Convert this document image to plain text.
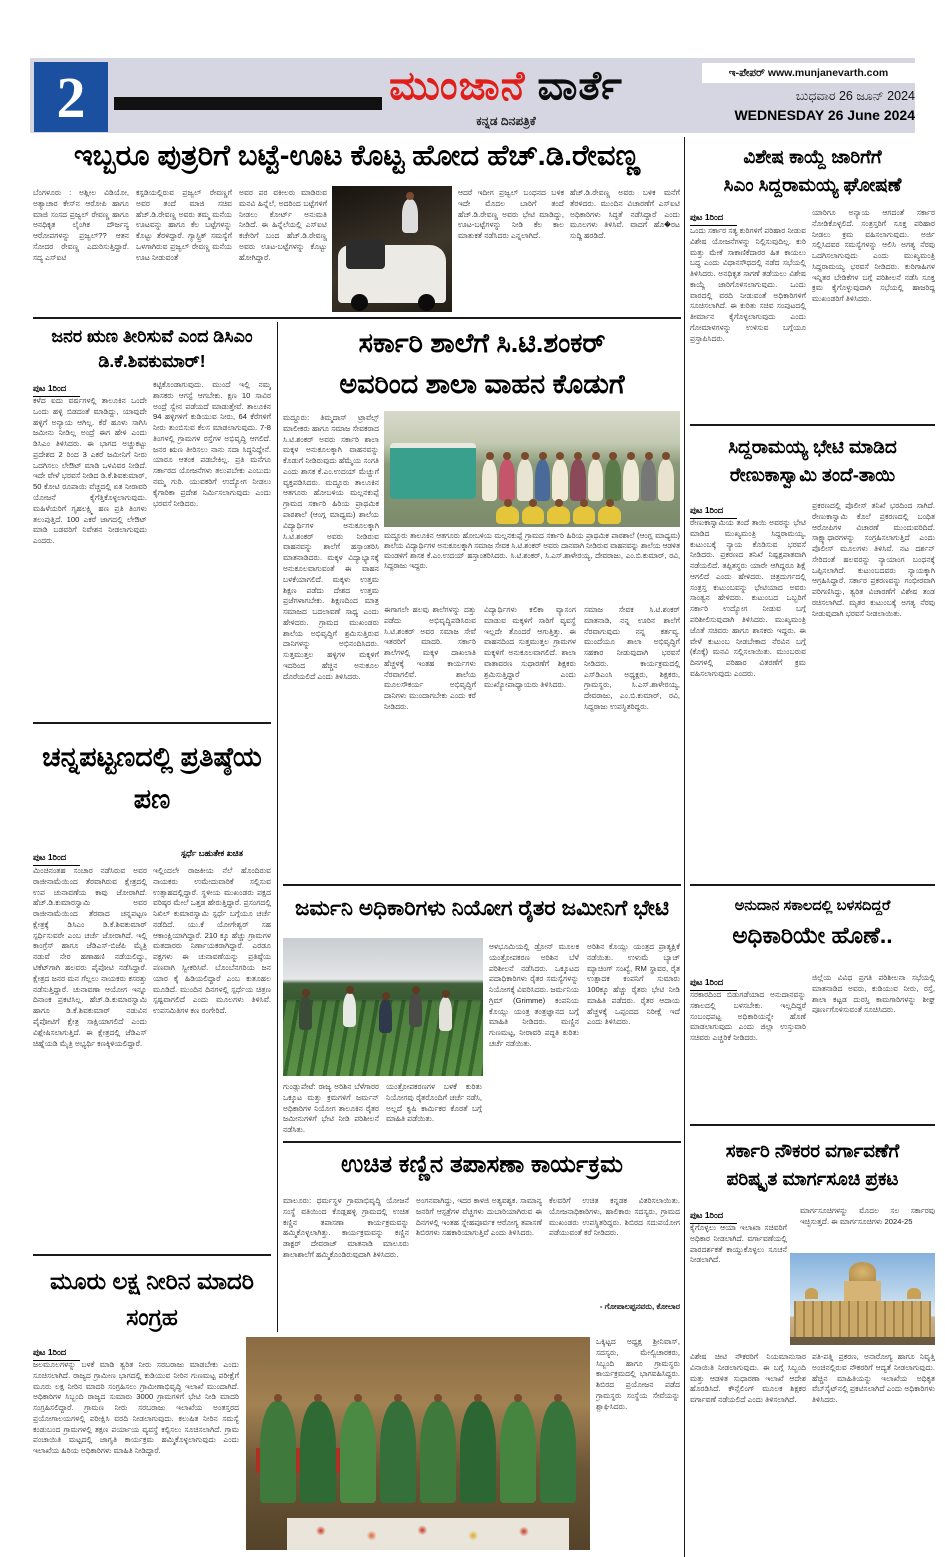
2	ಮುಂಜಾನೆ ವಾರ್ತೆ
ಕನ್ನಡ ದಿನಪತ್ರಿಕೆ
ಇ-ಪೇಪರ್ www.munjanevarth.com
ಬುಧವಾರ 26 ಜೂನ್ 2024
WEDNESDAY 26 June 2024
ಇಬ್ಬರೂ ಪುತ್ರರಿಗೆ ಬಟ್ಟೆ-ಊಟ ಕೊಟ್ಟ ಹೋದ ಹೆಚ್.ಡಿ.ರೇವಣ್ಣ
ಬೆಂಗಳೂರು : ಅಶ್ಲೀಲ ವಿಡಿಯೋ, ಅತ್ಯಾಚಾರ ಕೇಸ್‌ನ ಆರೋಪಿ ಹಾಗೂ ಮಾಜಿ ಸಂಸದ ಪ್ರಜ್ವಲ್ ರೇವಣ್ಣ ಹಾಗೂ ಅನಧಿಕೃತ ಲೈಂಗಿಕ ದೌರ್ಜನ್ಯ ಆರೋಪಗಳನ್ನು ಪ್ರಜ್ವಲ್?? ಆತನ ಸೋದರ ರೇವಣ್ಣ ಎದುರಿಸುತ್ತಿದ್ದಾರೆ. ಸದ್ಯ ಎಸ್‌ಐಟಿ
ಕಸ್ಟಡಿಯಲ್ಲಿರುವ ಪ್ರಜ್ವಲ್ ರೇವಣ್ಣಗೆ ಅವರ ತಂದೆ ಮಾಜಿ ಸಚಿವ ಹೆಚ್.ಡಿ.ರೇವಣ್ಣ ಅವರು ತಮ್ಮ ಮನೆಯ ಊಟವನ್ನು ಹಾಗೂ ಕೆಲ ಬಟ್ಟೆಗಳನ್ನು ಕೊಟ್ಟು ತೆರಳಿದ್ದಾರೆ. ಗ್ಯಾಸ್ಟ್ರಿಕ್ ಸಮಸ್ಯೆಗೆ ಒಳಗಾಗಿರುವ ಪ್ರಜ್ವಲ್ ರೇವಣ್ಣ ಮನೆಯ ಊಟ ನೀಡುವಂತೆ
ಅವರ ಪರ ವಕೀಲರು ಮಾಡಿರುವ ಮನವಿ ಹಿನ್ನೆಲೆ, ಅದರಿಂದ ಬಟ್ಟೆಗಳಿಗೆ ನೀಡಲು ಕೋರ್ಟ್ ಅನುಮತಿ ನೀಡಿದೆ. ಈ ಹಿನ್ನೆಲೆಯಲ್ಲಿ ಎಸ್‌ಐಟಿ ಕಚೇರಿಗೆ ಬಂದ ಹೆಚ್.ಡಿ.ರೇವಣ್ಣ ಅವರು ಊಟ-ಬಟ್ಟೆಗಳನ್ನು ಕೊಟ್ಟು ಹೋಗಿದ್ದಾರೆ.
ಆದರೆ ಇದೀಗ ಪ್ರಜ್ವಲ್ ಬಂಧನದ ಬಳಿಕ ಇದೇ ಮೊದಲ ಬಾರಿಗೆ ತಂದೆ ಹೆಚ್.ಡಿ.ರೇವಣ್ಣ ಅವರು ಭೇಟಿ ಮಾಡಿದ್ದು, ಊಟ-ಬಟ್ಟೆಗಳನ್ನು ನೀಡಿ ಕೆಲ ಕಾಲ ಮಾತುಕತೆ ನಡೆಸಿದರು ಎನ್ನಲಾಗಿದೆ.
ಹೆಚ್.ಡಿ.ರೇವಣ್ಣ ಅವರು ಬಳಿಕ ಮನೆಗೆ ತೆರಳಿದರು. ಮುಂದಿನ ವಿಚಾರಣೆಗೆ ಎಸ್‌ಐಟಿ ಅಧಿಕಾರಿಗಳು ಸಿದ್ಧತೆ ನಡೆಸಿದ್ದಾರೆ ಎಂದು ಮೂಲಗಳು ತಿಳಿಸಿವೆ. ವಾದಗೆ ಹೊ�ರಟ ಸುದ್ದಿ ಹರಡಿದೆ.
ಜನರ ಋಣ ತೀರಿಸುವೆ ಎಂದ ಡಿಸಿಎಂ ಡಿ.ಕೆ.ಶಿವಕುಮಾರ್!
ಪುಟ 1ರಿಂದ
ಕಳೆದ ಐದು ವರ್ಷಗಳಲ್ಲಿ ತಾಲೂಕಿನ ಒಂದೇ ಒಂದು ಹಳ್ಳಿ ಬಿಡದಂತೆ ಮಾಡಿದ್ದು, ಯಾವುದೇ ಹಳ್ಳಿಗೆ ಅನ್ಯಾಯ ಆಗಿಲ್ಲ. ಕೆರೆ ಹೂಳು ಸಾಗಿಸಿ ಜಮೀನು ನೀಡಿಲ್ಲ ಅಂದ್ರೆ ಈಗ ಹೇಳಿ ಎಂದು ಡಿಸಿಎಂ ತಿಳಿಸಿದರು. ಈ ಭಾಗದ ಅಚ್ಚುಕಟ್ಟು ಪ್ರದೇಶದ 2 ರಿಂದ 3 ಎಕರೆ ಜಮೀನಿಗೆ ನೀರು ಒದಗಿಸಲು ಲೇಔಟ್ ಮಾಡಿ ಒಳವಿವರ ನೀಡಿದೆ. ಇದೇ ವೇಳೆ ಭರವಸೆ ನೀಡಿದ ಡಿ.ಕೆ.ಶಿವಕುಮಾರ್, 50 ಕೋಟಿ ರೂಪಾಯಿ ವೆಚ್ಚದಲ್ಲಿ ಏತ ನೀರಾವರಿ ಯೋಜನೆ ಕೈಗೆತ್ತಿಕೊಳ್ಳಲಾಗುವುದು. ಮಹಿಳೆಯರಿಗೆ ಗೃಹಲಕ್ಷ್ಮಿ ಹಣ ಪ್ರತಿ ತಿಂಗಳು ತಲುಪುತ್ತಿದೆ. 100 ಎಕರೆ ಜಾಗದಲ್ಲಿ ಲೇಔಟ್ ಮಾಡಿ ಬಡವರಿಗೆ ನಿವೇಶನ ನೀಡಲಾಗುವುದು ಎಂದರು.
ಕಟ್ಟಿಕೊಂಡಾಗುವುದು. ಮುಂದೆ ಇಲ್ಲಿ ನಮ್ಮ ಶಾಸಕರು ಆಗಸ್ಟೆ ಆಗಬೇಕು. ಕ್ಷಣ 10 ಸಾವಿರ ಅಂದ್ರೆ ಸ್ವೇನ ಪಡೆಯದೆ ಮಾಡುತ್ತೇವೆ. ತಾಲೂಕಿನ 94 ಹಳ್ಳಿಗಳಿಗೆ ಕುಡಿಯುವ ನೀರು, 64 ಕೆರೆಗಳಿಗೆ ನೀರು ತುಂಬಿಸುವ ಕೆಲಸ ಮಾಡಲಾಗುವುದು. 7-8 ತಿಂಗಳಲ್ಲಿ ಗ್ರಾಮಗಳ ರಸ್ತೆಗಳ ಅಭಿವೃದ್ಧಿ ಆಗಲಿದೆ. ಜನರ ಋಣ ತೀರಿಸಲು ನಾನು ಸದಾ ಸಿದ್ಧನಿದ್ದೇನೆ. ಯಾರೂ ಆತಂಕ ಪಡಬೇಕಿಲ್ಲ. ಪ್ರತಿ ಮನೆಗೂ ಸರ್ಕಾರದ ಯೋಜನೆಗಳು ತಲುಪಬೇಕು ಎಂಬುದು ನಮ್ಮ ಗುರಿ. ಯುವಕರಿಗೆ ಉದ್ಯೋಗ ನೀಡಲು ಕೈಗಾರಿಕಾ ಪ್ರದೇಶ ನಿರ್ಮಿಸಲಾಗುವುದು ಎಂದು ಭರವಸೆ ನೀಡಿದರು.
ಚನ್ನಪಟ್ಟಣದಲ್ಲಿ ಪ್ರತಿಷ್ಠೆಯ ಪಣ
ಪುಟ 1ರಿಂದ	ಸ್ಪರ್ಧೆ ಬಹುತೇಕ ಖಚಿತ
ಮಿಂಚಿನಂತಹ ಸಂಚಾರ ನಡೆಸಿರುವ ಅವರ ರಾಜೀನಾಮೆಯಿಂದ ತೆರವಾಗಿರುವ ಕ್ಷೇತ್ರದಲ್ಲಿ ಉಪ ಚುನಾವಣೆಯ ಕಾವು ಜೋರಾಗಿದೆ. ಹೆಚ್.ಡಿ.ಕುಮಾರಸ್ವಾಮಿ ಅವರ ರಾಜೀನಾಮೆಯಿಂದ ತೆರವಾದ ಚನ್ನಪಟ್ಟಣ ಕ್ಷೇತ್ರಕ್ಕೆ ಡಿಸಿಎಂ ಡಿ.ಕೆ.ಶಿವಕುಮಾರ್ ಸ್ಪರ್ಧಿಸುವರೇ ಎಂಬ ಚರ್ಚೆ ಜೋರಾಗಿದೆ. ಇಲ್ಲಿ ಕಾಂಗ್ರೆಸ್ ಹಾಗೂ ಜೆಡಿಎಸ್-ಬಿಜೆಪಿ ಮೈತ್ರಿ ನಡುವೆ ನೇರ ಹಣಾಹಣಿ ನಡೆಯಲಿದ್ದು, ಟಿಕೆಟ್‌ಗಾಗಿ ಹಲವರು ಪೈಪೋಟಿ ನಡೆಸಿದ್ದಾರೆ. ಕ್ಷೇತ್ರದ ಜನರ ಮನ ಗೆಲ್ಲಲು ನಾಯಕರು ಕಸರತ್ತು ನಡೆಸುತ್ತಿದ್ದಾರೆ. ಚುನಾವಣಾ ಆಯೋಗ ಇನ್ನೂ ದಿನಾಂಕ ಪ್ರಕಟಿಸಿಲ್ಲ. ಹೆಚ್.ಡಿ.ಕುಮಾರಸ್ವಾಮಿ ಹಾಗೂ ಡಿ.ಕೆ.ಶಿವಕುಮಾರ್ ನಡುವಿನ ಪೈಪೋಟಿಗೆ ಕ್ಷೇತ್ರ ಸಾಕ್ಷಿಯಾಗಲಿದೆ ಎಂದು ವಿಶ್ಲೇಷಿಸಲಾಗುತ್ತಿದೆ. ಈ ಕ್ಷೇತ್ರದಲ್ಲಿ ಜೆಡಿಎಸ್ ಚಿಹ್ನೆಯಡಿ ಮೈತ್ರಿ ಅಭ್ಯರ್ಥಿ ಕಣಕ್ಕಿಳಿಯಲಿದ್ದಾರೆ.
ಇಲ್ಲಿಂದಲೇ ರಾಜಕೀಯ ನೆಲೆ ಹೊಂದಿರುವ ನಾಯಕರು ಉಮೇದುವಾರಿಕೆ ಸಲ್ಲಿಸುವ ಉತ್ಸಾಹದಲ್ಲಿದ್ದಾರೆ. ಸ್ಥಳೀಯ ಮುಖಂಡರು ಪಕ್ಷದ ವರಿಷ್ಠರ ಮೇಲೆ ಒತ್ತಡ ಹೇರುತ್ತಿದ್ದಾರೆ. ಪ್ರಸಂಗದಲ್ಲಿ ನಿಖಿಲ್ ಕುಮಾರಸ್ವಾಮಿ ಸ್ಪರ್ಧೆ ಬಗ್ಗೆಯೂ ಚರ್ಚೆ ನಡೆದಿದೆ. ಯು.ಕೆ ಯೋಗೇಶ್ವರ್ ಸಹ ಆಕಾಂಕ್ಷಿಯಾಗಿದ್ದಾರೆ. 210 ಕ್ಕೂ ಹೆಚ್ಚು ಗ್ರಾಮಗಳ ಮತದಾರರು ನಿರ್ಣಾಯಕರಾಗಿದ್ದಾರೆ. ಎರಡೂ ಪಕ್ಷಗಳು ಈ ಚುನಾವಣೆಯನ್ನು ಪ್ರತಿಷ್ಠೆಯ ಪಣವಾಗಿ ಸ್ವೀಕರಿಸಿವೆ. ಬೊಂಬೆನಗರಿಯ ಜನ ಯಾರ ಕೈ ಹಿಡಿಯಲಿದ್ದಾರೆ ಎಂಬ ಕುತೂಹಲ ಮೂಡಿದೆ. ಮುಂದಿನ ದಿನಗಳಲ್ಲಿ ಸ್ಪರ್ಧೆಯ ಚಿತ್ರಣ ಸ್ಪಷ್ಟವಾಗಲಿದೆ ಎಂದು ಮೂಲಗಳು ತಿಳಿಸಿವೆ. ಉಪಸಮಿತಿಗಳ ಕಣ ರಂಗೇರಿದೆ.
ಮೂರು ಲಕ್ಷ ನೀರಿನ ಮಾದರಿ ಸಂಗ್ರಹ
ಪುಟ 1ರಿಂದ
ಜಲಮೂಲಗಳನ್ನು ಬಳಕೆ ಮಾಡಿ ತ್ವರಿತ ನೀರು ಸರಬರಾಜು ಮಾಡಬೇಕು ಎಂದು ಸೂಚಿಸಲಾಗಿದೆ. ರಾಜ್ಯದ ಗ್ರಾಮೀಣ ಭಾಗದಲ್ಲಿ ಕುಡಿಯುವ ನೀರಿನ ಗುಣಮಟ್ಟ ಪರೀಕ್ಷೆಗೆ ಮೂರು ಲಕ್ಷ ನೀರಿನ ಮಾದರಿ ಸಂಗ್ರಹಿಸಲು ಗ್ರಾಮೀಣಾಭಿವೃದ್ಧಿ ಇಲಾಖೆ ಮುಂದಾಗಿದೆ. ಅಧಿಕಾರಿಗಳ ಸಿಬ್ಬಂದಿ ರಾಜ್ಯದ ಸುಮಾರು 3000 ಗ್ರಾಮಗಳಿಗೆ ಭೇಟಿ ನೀಡಿ ಮಾದರಿ ಸಂಗ್ರಹಿಸಲಿದ್ದಾರೆ. ಗ್ರಾಮಣ ನೀರು ಸರಬರಾಜು ಇಲಾಖೆಯ ಅಂತಸ್ತರದ ಪ್ರಯೋಗಾಲಯಗಳಲ್ಲಿ ಪರೀಕ್ಷಿಸಿ ವರದಿ ನೀಡಲಾಗುವುದು. ಕಲುಷಿತ ನೀರಿನ ಸಮಸ್ಯೆ ಕಂಡುಬಂದ ಗ್ರಾಮಗಳಲ್ಲಿ ತಕ್ಷಣ ಪರ್ಯಾಯ ವ್ಯವಸ್ಥೆ ಕಲ್ಪಿಸಲು ಸೂಚಿಸಲಾಗಿದೆ. ಗ್ರಾಮ ಪಂಚಾಯಿತಿ ಮಟ್ಟದಲ್ಲಿ ಜಾಗೃತಿ ಕಾರ್ಯಕ್ರಮ ಹಮ್ಮಿಕೊಳ್ಳಲಾಗುವುದು ಎಂದು ಇಲಾಖೆಯ ಹಿರಿಯ ಅಧಿಕಾರಿಗಳು ಮಾಹಿತಿ ನೀಡಿದ್ದಾರೆ.
ಸರ್ಕಾರಿ ಶಾಲೆಗೆ ಸಿ.ಟಿ.ಶಂಕರ್
ಅವರಿಂದ ಶಾಲಾ ವಾಹನ ಕೊಡುಗೆ
ಮದ್ದೂರು: ತಿಮ್ಮದಾಸ್ ಟ್ರಾವೆಲ್ಸ್ ಮಾಲೀಕರು ಹಾಗೂ ಸಮಾಜ ಸೇವಕರಾದ ಸಿ.ಟಿ.ಶಂಕರ್ ಅವರು ಸರ್ಕಾರಿ ಶಾಲಾ ಮಕ್ಕಳ ಅನುಕೂಲಕ್ಕಾಗಿ ವಾಹನವನ್ನು ಕೊಡುಗೆ ನೀಡಿರುವುದು ಹೆಮ್ಮೆಯ ಸಂಗತಿ ಎಂದು ಶಾಸಕ ಕೆ.ಎಂ.ಉದಯ್ ಮೆಚ್ಚುಗೆ ವ್ಯಕ್ತಪಡಿಸಿದರು. ಮದ್ದೂರು ತಾಲೂಕಿನ ಆತಗೂರು ಹೋಬಳಿಯ ಮಲ್ಲನಕುಪ್ಪೆ ಗ್ರಾಮದ ಸರ್ಕಾರಿ ಹಿರಿಯ ಪ್ರಾಥಮಿಕ ಪಾಠಶಾಲೆ (ಆಂಗ್ಲ ಮಾಧ್ಯಮ) ಶಾಲೆಯ ವಿದ್ಯಾರ್ಥಿಗಳ ಅನುಕೂಲಕ್ಕಾಗಿ ಸಿ.ಟಿ.ಶಂಕರ್ ಅವರು ನೀಡಿರುವ ವಾಹನವನ್ನು ಶಾಲೆಗೆ ಹಸ್ತಾಂತರಿಸಿ ಮಾತನಾಡಿದರು. ಮಕ್ಕಳ ವಿದ್ಯಾಭ್ಯಾಸಕ್ಕೆ ಅನುಕೂಲವಾಗುವಂತೆ ಈ ವಾಹನ ಬಳಕೆಯಾಗಲಿದೆ. ಮಕ್ಕಳು ಉತ್ತಮ ಶಿಕ್ಷಣ ಪಡೆದು ದೇಶದ ಉತ್ತಮ ಪ್ರಜೆಗಳಾಗಬೇಕು. ಶಿಕ್ಷಣದಿಂದ ಮಾತ್ರ ಸಮಾಜದ ಬದಲಾವಣೆ ಸಾಧ್ಯ ಎಂದು ಹೇಳಿದರು. ಗ್ರಾಮದ ಮುಖಂಡರು ಶಾಲೆಯ ಅಭಿವೃದ್ಧಿಗೆ ಶ್ರಮಿಸುತ್ತಿರುವ ದಾನಿಗಳನ್ನು ಅಭಿನಂದಿಸಿದರು. ಸುತ್ತಮುತ್ತಲ ಹಳ್ಳಿಗಳ ಮಕ್ಕಳಿಗೆ ಇದರಿಂದ ಹೆಚ್ಚಿನ ಅನುಕೂಲ ದೊರೆಯಲಿದೆ ಎಂದು ತಿಳಿಸಿದರು.
ಮದ್ದೂರು ತಾಲೂಕಿನ ಆತಗೂರು ಹೋಬಳಿಯ ಮಲ್ಲನಕುಪ್ಪೆ ಗ್ರಾಮದ ಸರ್ಕಾರಿ ಹಿರಿಯ ಪ್ರಾಥಮಿಕ ಪಾಠಶಾಲೆ (ಆಂಗ್ಲ ಮಾಧ್ಯಮ) ಶಾಲೆಯ ವಿದ್ಯಾರ್ಥಿಗಳ ಅನುಕೂಲಕ್ಕಾಗಿ ಸಮಾಜ ಸೇವಕ ಸಿ.ಟಿ.ಶಂಕರ್ ಅವರು ದಾನವಾಗಿ ನೀಡಿರುವ ವಾಹನವನ್ನು ಶಾಲೆಯ ಆಡಳಿತ ಮಂಡಳಿಗೆ ಶಾಸಕ ಕೆ.ಎಂ.ಉದಯ್ ಹಸ್ತಾಂತರಿಸಿದರು. ಸಿ.ಟಿ.ಶಂಕರ್, ಸಿ.ಎಸ್.ಶಾಳೇರಯ್ಯ, ದೇವರಾಜು, ಎಂ.ಬಿ.ಕುಮಾರ್, ರವಿ, ಸಿದ್ದರಾಜು ಇದ್ದರು.
ಈಗಾಗಲೇ ಹಲವು ಶಾಲೆಗಳನ್ನು ದತ್ತು ಪಡೆದು ಅಭಿವೃದ್ಧಿಪಡಿಸಿರುವ ಸಿ.ಟಿ.ಶಂಕರ್ ಅವರ ಸಮಾಜ ಸೇವೆ ಇತರರಿಗೆ ಮಾದರಿ. ಸರ್ಕಾರಿ ಶಾಲೆಗಳಲ್ಲಿ ಮಕ್ಕಳ ದಾಖಲಾತಿ ಹೆಚ್ಚಳಕ್ಕೆ ಇಂತಹ ಕಾರ್ಯಗಳು ನೆರವಾಗಲಿವೆ. ಶಾಲೆಯ ಮೂಲಸೌಕರ್ಯ ಅಭಿವೃದ್ಧಿಗೆ ದಾನಿಗಳು ಮುಂದಾಗಬೇಕು ಎಂದು ಕರೆ ನೀಡಿದರು.
ವಿದ್ಯಾರ್ಥಿಗಳು ಕಲಿಕಾ ವ್ಯಾಸಂಗ ಮಾಡುವ ಮಕ್ಕಳಿಗೆ ಸಾರಿಗೆ ವ್ಯವಸ್ಥೆ ಇಲ್ಲದೇ ತೊಂದರೆ ಆಗುತ್ತಿತ್ತು. ಈ ವಾಹನದಿಂದ ಸುತ್ತಮುತ್ತಲ ಗ್ರಾಮಗಳ ಮಕ್ಕಳಿಗೆ ಅನುಕೂಲವಾಗಲಿದೆ. ಶಾಲಾ ವಾತಾವರಣ ಸುಧಾರಣೆಗೆ ಶಿಕ್ಷಕರು ಶ್ರಮಿಸುತ್ತಿದ್ದಾರೆ ಎಂದು ಮುಖ್ಯೋಪಾಧ್ಯಾಯರು ತಿಳಿಸಿದರು.
ಸಮಾಜ ಸೇವಕ ಸಿ.ಟಿ.ಶಂಕರ್ ಮಾತನಾಡಿ, ನನ್ನ ಊರಿನ ಶಾಲೆಗೆ ನೆರವಾಗುವುದು ನನ್ನ ಕರ್ತವ್ಯ. ಮುಂದೆಯೂ ಶಾಲಾ ಅಭಿವೃದ್ಧಿಗೆ ಸಹಕಾರ ನೀಡುವುದಾಗಿ ಭರವಸೆ ನೀಡಿದರು. ಕಾರ್ಯಕ್ರಮದಲ್ಲಿ ಎಸ್‌ಡಿಎಂಸಿ ಅಧ್ಯಕ್ಷರು, ಶಿಕ್ಷಕರು, ಗ್ರಾಮಸ್ಥರು, ಸಿ.ಎಸ್.ಶಾಳೇರಯ್ಯ, ದೇವರಾಜು, ಎಂ.ಬಿ.ಕುಮಾರ್, ರವಿ, ಸಿದ್ದರಾಜು ಉಪಸ್ಥಿತರಿದ್ದರು.
ಜರ್ಮನಿ ಅಧಿಕಾರಿಗಳು ನಿಯೋಗ ರೈತರ ಜಮೀನಿಗೆ ಭೇಟಿ
ಆಳಭೂಮಿಯಲ್ಲಿ ಡ್ರೋನ್ ಮೂಲಕ ಯಂತ್ರೋಪಕರಣ ಅರಿಶಿನ ಬೆಳೆ ಪರಿಶೀಲನೆ ನಡೆಸಿದರು. ಒಕ್ಕೂಟದ ಪದಾಧಿಕಾರಿಗಳು ರೈತರ ಸಮಸ್ಯೆಗಳನ್ನು ನಿಯೋಗಕ್ಕೆ ವಿವರಿಸಿದರು. ಜರ್ಮನಿಯ ಗ್ರಿಮ್ (Grimme) ಕಂಪನಿಯ ಕೊಯ್ಲು ಯಂತ್ರ ತಂತ್ರಜ್ಞಾನದ ಬಗ್ಗೆ ಮಾಹಿತಿ ನೀಡಿದರು. ಮಣ್ಣಿನ ಗುಣಮಟ್ಟ, ನೀರಾವರಿ ಪದ್ಧತಿ ಕುರಿತು ಚರ್ಚೆ ನಡೆಯಿತು.
ಅರಿಶಿನ ಕೊಯ್ಲು ಯಂತ್ರದ ಪ್ರಾತ್ಯಕ್ಷಿಕೆ ನಡೆಯಿತು. ಉಳುಮೆ ಬ್ಯಾಚ್ ಮ್ಯಾಚಿಂಗ್ ಸಂಖ್ಯೆ, RM ಸ್ಥಾವರ, ರೈತ ಉತ್ಪಾದಕ ಕಂಪನಿಗೆ ಸುಮಾರು 100ಕ್ಕೂ ಹೆಚ್ಚು ರೈತರು ಭೇಟಿ ನೀಡಿ ಮಾಹಿತಿ ಪಡೆದರು. ರೈತರ ಆದಾಯ ಹೆಚ್ಚಳಕ್ಕೆ ಒಪ್ಪಂದದ ನಿರೀಕ್ಷೆ ಇದೆ ಎಂದು ತಿಳಿಸಿದರು.
ಗುಂಡ್ಲುಪೇಟೆ: ರಾಜ್ಯ ಅರಿಶಿನ ಬೆಳೆಗಾರರ ಒಕ್ಕೂಟ ಮತ್ತು ಕ್ರಮಗಳಿಗೆ ಜರ್ಮನ್ ಅಧಿಕಾರಿಗಳ ನಿಯೋಗ ತಾಲೂಕಿನ ರೈತರ ಜಮೀನುಗಳಿಗೆ ಭೇಟಿ ನೀಡಿ ಪರಿಶೀಲನೆ ನಡೆಸಿತು.
ಯಂತ್ರೋಪಕರಣಗಳ ಬಳಕೆ ಕುರಿತು ನಿಯೋಗವು ರೈತರೊಂದಿಗೆ ಚರ್ಚೆ ನಡೆಸಿ, ಅಲ್ಲದೆ ಕೃಷಿ ಕಾರ್ಮಿಕರ ಕೊರತೆ ಬಗ್ಗೆ ಮಾಹಿತಿ ಪಡೆಯಿತು.
ಉಚಿತ ಕಣ್ಣಿನ ತಪಾಸಣಾ ಕಾರ್ಯಕ್ರಮ
ಮಾಲೂರು: ಧರ್ಮಸ್ಥಳ ಗ್ರಾಮಾಭಿವೃದ್ಧಿ ಯೋಜನೆ ಸಂಸ್ಥೆ ವತಿಯಿಂದ ಕೊಡ್ಲಹಳ್ಳಿ ಗ್ರಾಮದಲ್ಲಿ ಉಚಿತ ಕಣ್ಣಿನ ತಪಾಸಣಾ ಕಾರ್ಯಕ್ರಮವನ್ನು ಹಮ್ಮಿಕೊಳ್ಳಲಾಗಿತ್ತು. ಕಾರ್ಯಕ್ರಮವನ್ನು ಕಣ್ಣಿನ ಡಾಕ್ಟರ್ ದೇವರಾಜ್ ಮಾತನಾಡಿ ಮಾಲೂರು ಶಾಲಾಶಾಲೆಗೆ ಹಮ್ಮಿಕೊಂಡಿರುವುದಾಗಿ ತಿಳಿಸಿದರು.
ಅಂಗನವಾಗಿದ್ದು, ಇದರ ಕಾಳಜಿ ಅತ್ಯವಶ್ಯಕ. ಸಾಮಾನ್ಯ ಜನರಿಗೆ ಆಸ್ಪತ್ರೆಗಳ ವೆಚ್ಚಗಳು ದುಬಾರಿಯಾಗಿರುವ ಈ ದಿನಗಳಲ್ಲಿ ಇಂತಹ ಸ್ನೇಹಪೂರ್ವಕ ಆರೋಗ್ಯ ತಪಾಸಣೆ ಶಿಬಿರಗಳು ಸಹಕಾರಿಯಾಗುತ್ತಿವೆ ಎಂದು ತಿಳಿಸಿದರು.
ಕೆಲವರಿಗೆ ಉಚಿತ ಕನ್ನಡಕ ವಿತರಿಸಲಾಯಿತು. ಯೋಜನಾಧಿಕಾರಿಗಳು, ಹಾಲಿಕಾರು ಸದಸ್ಯರು, ಗ್ರಾಮದ ಮುಖಂಡರು ಉಪಸ್ಥಿತರಿದ್ದರು. ಶಿಬಿರದ ಸದುಪಯೋಗ ಪಡೆಯುವಂತೆ ಕರೆ ನೀಡಿದರು.
- ಗೋಪಾಲಪ್ಪನವರು, ಕೋಲಾರ
ಒಕ್ಕಿಟ್ಟದ ಅಧ್ಯಕ್ಷ ಶ್ರೀನಿವಾಸ್, ಸದಸ್ಯರು, ಮೇಲ್ವಿಚಾರಕರು, ಸಿಬ್ಬಂದಿ ಹಾಗೂ ಗ್ರಾಮಸ್ಥರು ಕಾರ್ಯಕ್ರಮದಲ್ಲಿ ಭಾಗವಹಿಸಿದ್ದರು. ಶಿಬಿರದ ಪ್ರಯೋಜನ ಪಡೆದ ಗ್ರಾಮಸ್ಥರು ಸಂಸ್ಥೆಯ ಸೇವೆಯನ್ನು ಶ್ಲಾಘಿಸಿದರು.
ವಿಶೇಷ ಕಾಯ್ದೆ ಜಾರಿಗೆಗೆ
ಸಿಎಂ ಸಿದ್ದರಾಮಯ್ಯ ಘೋಷಣೆ
ಪುಟ 1ರಿಂದ
ಒಂದು ಸರ್ಕಾರ ಸತ್ಯ ಕುರಿಗಳಿಗೆ ಪರಿಹಾರ ನೀಡುವ ವಿಶೇಷ ಯೋಜನೆಗಳನ್ನು ನಿಲ್ಲಿಸುವುದಿಲ್ಲ. ಕುರಿ ಮತ್ತು ಮೇಕೆ ಸಾಕಾಣಿಕೆದಾರರ ಹಿತ ಕಾಯಲು ಬದ್ಧ ಎಂದು ವಿಧಾನಸೌಧದಲ್ಲಿ ನಡೆದ ಸಭೆಯಲ್ಲಿ ತಿಳಿಸಿದರು. ಅನಧಿಕೃತ ಸಾಗಣೆ ತಡೆಯಲು ವಿಶೇಷ ಕಾಯ್ದೆ ಜಾರಿಗೊಳಿಸಲಾಗುವುದು. ಒಂದು ವಾರದಲ್ಲಿ ವರದಿ ನೀಡುವಂತೆ ಅಧಿಕಾರಿಗಳಿಗೆ ಸೂಚಿಸಲಾಗಿದೆ. ಈ ಕುರಿತು ಸಚಿವ ಸಂಪುಟದಲ್ಲಿ ತೀರ್ಮಾನ ಕೈಗೊಳ್ಳಲಾಗುವುದು ಎಂದು ಗೋಮಾಳಗಳನ್ನು ಉಳಿಸುವ ಬಗ್ಗೆಯೂ ಪ್ರಸ್ತಾಪಿಸಿದರು.
ಯಾರಿಗೂ ಅನ್ಯಾಯ ಆಗದಂತೆ ಸರ್ಕಾರ ನೋಡಿಕೊಳ್ಳಲಿದೆ. ಸಂತ್ರಸ್ತರಿಗೆ ಸೂಕ್ತ ಪರಿಹಾರ ನೀಡಲು ಕ್ರಮ ವಹಿಸಲಾಗುವುದು. ಅರ್ಜಿ ಸಲ್ಲಿಸಿದವರ ಸಮಸ್ಯೆಗಳನ್ನು ಆಲಿಸಿ ಅಗತ್ಯ ನೆರವು ಒದಗಿಸಲಾಗುವುದು ಎಂದು ಮುಖ್ಯಮಂತ್ರಿ ಸಿದ್ದರಾಮಯ್ಯ ಭರವಸೆ ನೀಡಿದರು. ಕುರಿಗಾಹಿಗಳ ಇನ್ನಿತರ ಬೇಡಿಕೆಗಳ ಬಗ್ಗೆ ಪರಿಶೀಲನೆ ನಡೆಸಿ ಸೂಕ್ತ ಕ್ರಮ ಕೈಗೊಳ್ಳುವುದಾಗಿ ಸಭೆಯಲ್ಲಿ ಹಾಜರಿದ್ದ ಮುಖಂಡರಿಗೆ ತಿಳಿಸಿದರು.
ಸಿದ್ದರಾಮಯ್ಯ ಭೇಟಿ ಮಾಡಿದ
ರೇಣುಕಾಸ್ವಾಮಿ ತಂದೆ-ತಾಯಿ
ಪುಟ 1ರಿಂದ
ರೇಣುಕಾಸ್ವಾಮಿಯ ತಂದೆ ತಾಯಿ ಅವರನ್ನು ಭೇಟಿ ಮಾಡಿದ ಮುಖ್ಯಮಂತ್ರಿ ಸಿದ್ದರಾಮಯ್ಯ, ಕುಟುಂಬಕ್ಕೆ ನ್ಯಾಯ ಕೊಡಿಸುವ ಭರವಸೆ ನೀಡಿದರು. ಪ್ರಕರಣದ ತನಿಖೆ ನಿಷ್ಪಕ್ಷಪಾತವಾಗಿ ನಡೆಯಲಿದೆ. ತಪ್ಪಿತಸ್ಥರು ಯಾರೇ ಆಗಿದ್ದರೂ ಶಿಕ್ಷೆ ಆಗಲಿದೆ ಎಂದು ಹೇಳಿದರು. ಚಿತ್ರದುರ್ಗದಲ್ಲಿ ಸಂತ್ರಸ್ತ ಕುಟುಂಬವನ್ನು ಭೇಟಿಯಾದ ಅವರು ಸಾಂತ್ವನ ಹೇಳಿದರು. ಕುಟುಂಬದ ಒಬ್ಬರಿಗೆ ಸರ್ಕಾರಿ ಉದ್ಯೋಗ ನೀಡುವ ಬಗ್ಗೆ ಪರಿಶೀಲಿಸುವುದಾಗಿ ತಿಳಿಸಿದರು. ಮುಖ್ಯಮಂತ್ರಿ ಜೊತೆ ಸಚಿವರು ಹಾಗೂ ಶಾಸಕರು ಇದ್ದರು. ಈ ವೇಳೆ ಕುಟುಂಬ ನೀಡಬೇಕಾದ ನೆರವಿನ ಬಗ್ಗೆ (ಕೊಕ್ಕೆ) ಮನವಿ ಸಲ್ಲಿಸಲಾಯಿತು. ಮುಂಬರುವ ದಿನಗಳಲ್ಲಿ ಪರಿಹಾರ ವಿತರಣೆಗೆ ಕ್ರಮ ವಹಿಸಲಾಗುವುದು ಎಂದರು.
ಪ್ರಕರಣದಲ್ಲಿ ಪೊಲೀಸ್ ತನಿಖೆ ಭರದಿಂದ ಸಾಗಿದೆ. ರೇಣುಕಾಸ್ವಾಮಿ ಕೊಲೆ ಪ್ರಕರಣದಲ್ಲಿ ಬಂಧಿತ ಆರೋಪಿಗಳ ವಿಚಾರಣೆ ಮುಂದುವರಿದಿದೆ. ಸಾಕ್ಷ್ಯಾಧಾರಗಳನ್ನು ಸಂಗ್ರಹಿಸಲಾಗುತ್ತಿದೆ ಎಂದು ಪೊಲೀಸ್ ಮೂಲಗಳು ತಿಳಿಸಿವೆ. ನಟ ದರ್ಶನ್ ಸೇರಿದಂತೆ ಹಲವರನ್ನು ನ್ಯಾಯಾಂಗ ಬಂಧನಕ್ಕೆ ಒಪ್ಪಿಸಲಾಗಿದೆ. ಕುಟುಂಬದವರು ನ್ಯಾಯಕ್ಕಾಗಿ ಆಗ್ರಹಿಸಿದ್ದಾರೆ. ಸರ್ಕಾರ ಪ್ರಕರಣವನ್ನು ಗಂಭೀರವಾಗಿ ಪರಿಗಣಿಸಿದ್ದು, ತ್ವರಿತ ವಿಚಾರಣೆಗೆ ವಿಶೇಷ ತಂಡ ರಚಿಸಲಾಗಿದೆ. ಮೃತರ ಕುಟುಂಬಕ್ಕೆ ಅಗತ್ಯ ನೆರವು ನೀಡುವುದಾಗಿ ಭರವಸೆ ನೀಡಲಾಯಿತು.
ಅನುದಾನ ಸಕಾಲದಲ್ಲಿ ಬಳಸದಿದ್ದರೆ
ಅಧಿಕಾರಿಯೇ ಹೊಣೆ..
ಪುಟ 1ರಿಂದ
ಸರಕಾರದಿಂದ ಬಿಡುಗಡೆಯಾದ ಅನುದಾನವನ್ನು ಸಕಾಲದಲ್ಲಿ ಬಳಸಬೇಕು. ಇಲ್ಲದಿದ್ದರೆ ಸಂಬಂಧಪಟ್ಟ ಅಧಿಕಾರಿಯನ್ನೇ ಹೊಣೆ ಮಾಡಲಾಗುವುದು ಎಂದು ಜಿಲ್ಲಾ ಉಸ್ತುವಾರಿ ಸಚಿವರು ಎಚ್ಚರಿಕೆ ನೀಡಿದರು.
ಜಿಲ್ಲೆಯ ವಿವಿಧ ಪ್ರಗತಿ ಪರಿಶೀಲನಾ ಸಭೆಯಲ್ಲಿ ಮಾತನಾಡಿದ ಅವರು, ಕುಡಿಯುವ ನೀರು, ರಸ್ತೆ, ಶಾಲಾ ಕಟ್ಟಡ ದುರಸ್ತಿ ಕಾಮಗಾರಿಗಳನ್ನು ಶೀಘ್ರ ಪೂರ್ಣಗೊಳಿಸುವಂತೆ ಸೂಚಿಸಿದರು.
ಸರ್ಕಾರಿ ನೌಕರರ ವರ್ಗಾವಣೆಗೆ
ಪರಿಷ್ಕೃತ ಮಾರ್ಗಸೂಚಿ ಪ್ರಕಟ
ಪುಟ 1ರಿಂದ
ಕೈಗೊಳ್ಳಲು ಆಯಾ ಇಲಾಖಾ ಸಚಿವರಿಗೆ ಅಧಿಕಾರ ನೀಡಲಾಗಿದೆ. ವರ್ಗಾವಣೆಯಲ್ಲಿ ಪಾರದರ್ಶಕತೆ ಕಾಯ್ದುಕೊಳ್ಳಲು ಸೂಚನೆ ನೀಡಲಾಗಿದೆ.
ಮಾರ್ಗಸೂಚಿಗಳನ್ನು ಮೊದಲ ಸಲ ಸರ್ಕಾರವು ಇಚ್ಛಿಸುತ್ತದೆ. ಈ ಮಾರ್ಗಸೂಚಿಗಳು 2024-25
ವಿಶೇಷ ಚೀಟಿ ನೌಕರರಿಗೆ ನಿಯಮಾನುಸಾರ ವಿನಾಯಿತಿ ನೀಡಲಾಗುವುದು. ಈ ಬಗ್ಗೆ ಸಿಬ್ಬಂದಿ ಮತ್ತು ಆಡಳಿತ ಸುಧಾರಣಾ ಇಲಾಖೆ ಆದೇಶ ಹೊರಡಿಸಿದೆ. ಕೌನ್ಸೆಲಿಂಗ್ ಮೂಲಕ ಶಿಕ್ಷಕರ ವರ್ಗಾವಣೆ ನಡೆಯಲಿದೆ ಎಂದು ತಿಳಿಸಲಾಗಿದೆ.
ಪತಿ-ಪತ್ನಿ ಪ್ರಕರಣ, ಅನಾರೋಗ್ಯ ಹಾಗೂ ನಿವೃತ್ತಿ ಅಂಚಿನಲ್ಲಿರುವ ನೌಕರರಿಗೆ ಆದ್ಯತೆ ನೀಡಲಾಗುವುದು. ಹೆಚ್ಚಿನ ಮಾಹಿತಿಯನ್ನು ಇಲಾಖೆಯ ಅಧಿಕೃತ ವೆಬ್‌ಸೈಟ್‌ನಲ್ಲಿ ಪ್ರಕಟಿಸಲಾಗಿದೆ ಎಂದು ಅಧಿಕಾರಿಗಳು ತಿಳಿಸಿದರು.
